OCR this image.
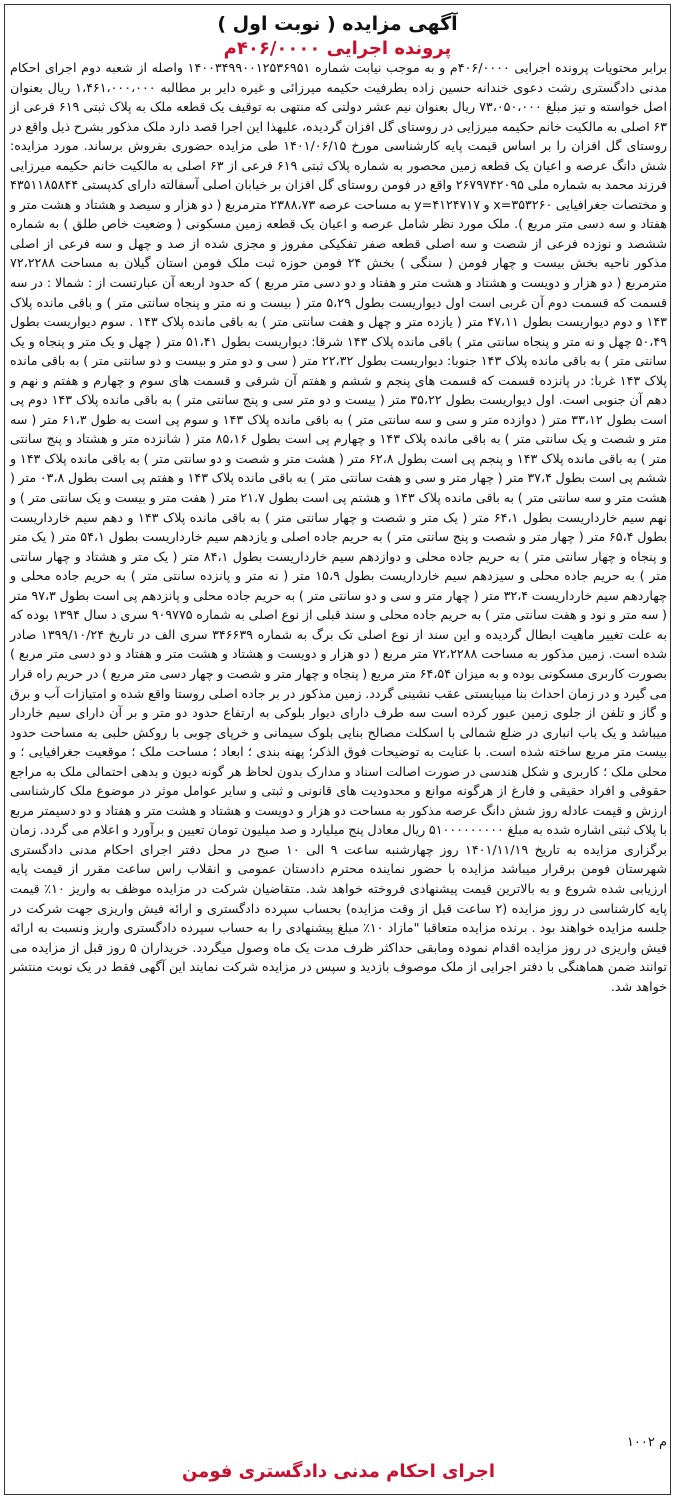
آگهی مزایده ( نوبت اول )
پرونده اجرایی ۴۰۶/۰۰۰۰م

برابر محتویات پرونده اجرایی ۴۰۶/۰۰۰۰م و به موجب نیابت شماره ۱۴۰۰۳۴۹۹۰۰۱۲۵۳۶۹۵۱ واصله از شعبه دوم اجرای احکام مدنی دادگستری رشت دعوی خندانه حسین زاده بطرفیت حکیمه میرزائی و غیره دایر بر مطالبه ۱،۴۶۱،۰۰۰،۰۰۰ ریال بعنوان اصل خواسته و نیز مبلغ ۷۳،۰۵۰،۰۰۰ ریال بعنوان نیم عشر دولتی که منتهی به توقیف یک قطعه ملک به پلاک ثبتی ۶۱۹ فرعی از ۶۳ اصلی به مالکیت خانم حکیمه میرزایی در روستای گل افزان گردیده، علیهذا این اجرا قصد دارد ملک مذکور بشرح ذیل واقع در روستای گل افزان را بر اساس قیمت پایه کارشناسی مورخ ۱۴۰۱/۰۶/۱۵ طی مزایده حضوری بفروش برساند. مورد مزایده: شش دانگ عرصه و اعیان یک قطعه زمین محصور به شماره پلاک ثبتی ۶۱۹ فرعی از ۶۳ اصلی به مالکیت خانم حکیمه میرزایی فرزند محمد به شماره ملی ۲۶۷۹۷۴۲۰۹۵ واقع در فومن روستای گل افزان بر خیابان اصلی آسفالته دارای کدپستی ۴۳۵۱۱۸۵۸۴۴ و مختصات جغرافیایی ۳۵۳۲۶۰=x و ۴۱۲۴۷۱۷=y به مساحت عرصه ۲۳۸۸،۷۳ مترمربع ( دو هزار و سیصد و هشتاد و هشت متر و هفتاد و سه دسی متر مربع ). ملک مورد نظر شامل عرصه و اعیان یک قطعه زمین مسکونی ( وضعیت خاص طلق ) به شماره ششصد و نوزده فرعی از شصت و سه اصلی قطعه صفر تفکیکی مفروز و مجزی شده از صد و چهل و سه فرعی از اصلی مذکور ناحیه بخش بیست و چهار فومن ( سنگی ) بخش ۲۴ فومن حوزه ثبت ملک فومن استان گیلان به مساحت ۷۲،۲۲۸۸ مترمربع ( دو هزار و دویست و هشتاد و هشت متر و هفتاد و دو دسی متر مربع ) که حدود اربعه آن عبارتست از : شمالا : در سه قسمت که قسمت دوم آن غربی است اول دیواریست بطول ۵،۲۹ متر ( بیست و نه متر و پنجاه سانتی متر ) و باقی مانده پلاک ۱۴۳ و دوم دیواریست بطول ۴۷،۱۱ متر ( یازده متر و چهل و هفت سانتی متر ) به باقی مانده پلاک ۱۴۳ . سوم دیواریست بطول ۵۰،۴۹ چهل و نه متر و پنجاه سانتی متر ) باقی مانده پلاک ۱۴۳ شرقا: دیواریست بطول ۵۱،۴۱ متر ( چهل و یک متر و پنجاه و یک سانتی متر ) به باقی مانده پلاک ۱۴۳ جنوبا: دیواریست بطول ۲۲،۳۲ متر ( سی و دو متر و بیست و دو سانتی متر ) به باقی مانده پلاک ۱۴۳ غربا: در پانزده قسمت که قسمت های پنجم و ششم و هفتم آن شرقی و قسمت های سوم و چهارم و هفتم و نهم و دهم آن جنوبی است. اول دیواریست بطول ۳۵،۲۲ متر ( بیست و دو متر سی و پنج سانتی متر ) به باقی مانده پلاک ۱۴۳ دوم پی است بطول ۳۳،۱۲ متر ( دوازده متر و سی و سه سانتی متر ) به باقی مانده پلاک ۱۴۳ و سوم پی است به طول ۶۱،۳ متر ( سه متر و شصت و یک سانتی متر ) به باقی مانده پلاک ۱۴۳ و چهارم پی است بطول ۸۵،۱۶ متر ( شانزده متر و هشتاد و پنج سانتی متر ) به باقی مانده پلاک ۱۴۳ و پنجم پی است بطول ۶۲،۸ متر ( هشت متر و شصت و دو سانتی متر ) به باقی مانده پلاک ۱۴۳ و ششم پی است بطول ۳۷،۴ متر ( چهار متر و سی و هفت سانتی متر ) به باقی مانده پلاک ۱۴۳ و هفتم پی است بطول ۰۳،۸ متر ( هشت متر و سه سانتی متر ) به باقی مانده پلاک ۱۴۳ و هشتم پی است بطول ۲۱،۷ متر ( هفت متر و بیست و یک سانتی متر ) و نهم سیم خارداریست بطول ۶۴،۱ متر ( یک متر و شصت و چهار سانتی متر ) به باقی مانده پلاک ۱۴۳ و دهم سیم خارداریست بطول ۶۵،۴ متر ( چهار متر و شصت و پنج سانتی متر ) به حریم جاده اصلی و یازدهم سیم خارداریست بطول ۵۴،۱ متر ( یک متر و پنجاه و چهار سانتی متر ) به حریم جاده محلی و دوازدهم سیم خارداریست بطول ۸۴،۱ متر ( یک متر و هشتاد و چهار سانتی متر ) به حریم جاده محلی و سیزدهم سیم خارداریست بطول ۱۵،۹ متر ( نه متر و پانزده سانتی متر ) به حریم جاده محلی و چهاردهم سیم خارداریست ۳۲،۴ متر ( چهار متر و سی و دو سانتی متر ) به حریم جاده محلی و پانزدهم پی است بطول ۹۷،۳ متر ( سه متر و نود و هفت سانتی متر ) به حریم جاده محلی و سند قبلی از نوع اصلی به شماره ۹۰۹۷۷۵ سری د سال ۱۳۹۴ بوده که به علت تغییر ماهیت ابطال گردیده و این سند از نوع اصلی تک برگ به شماره ۳۴۶۶۳۹ سری الف در تاریخ ۱۳۹۹/۱۰/۲۴ صادر شده است. زمین مذکور به مساحت ۷۲،۲۲۸۸ متر مربع ( دو هزار و دویست و هشتاد و هشت متر و هفتاد و دو دسی متر مربع ) بصورت کاربری مسکونی بوده و به میزان ۶۴،۵۴ متر مربع ( پنجاه و چهار متر و شصت و چهار دسی متر مربع ) در حریم راه قرار می گیرد و در زمان احداث بنا میبایستی عقب نشینی گردد. زمین مذکور در بر جاده اصلی روستا واقع شده و امتیازات آب و برق و گاز و تلفن از جلوی زمین عبور کرده است سه طرف دارای دیوار بلوکی به ارتفاع حدود دو متر و بر آن دارای سیم خاردار میباشد و یک باب انباری در ضلع شمالی با اسکلت مصالح بنایی بلوک سیمانی و خرپای چوبی با روکش حلبی به مساحت حدود بیست متر مربع ساخته شده است. با عنایت به توضیحات فوق الذکر؛ پهنه بندی ؛ ابعاد ؛ مساحت ملک ؛ موقعیت جغرافیایی ؛ و محلی ملک ؛ کاربری و شکل هندسی در صورت اصالت اسناد و مدارک بدون لحاظ هر گونه دیون و بدهی احتمالی ملک به مراجع حقوقی و افراد حقیقی و فارغ از هرگونه موانع و محدودیت های قانونی و ثبتی و سایر عوامل موثر در موضوع ملک کارشناسی ارزش و قیمت عادله روز شش دانگ عرصه مذکور به مساحت دو هزار و دویست و هشتاد و هشت متر و هفتاد و دو دسیمتر مربع با پلاک ثبتی اشاره شده به مبلغ ۵۱۰۰۰۰۰۰۰۰۰ ریال معادل پنج میلیارد و صد میلیون تومان تعیین و برآورد و اعلام می گردد. زمان برگزاری مزایده به تاریخ ۱۴۰۱/۱۱/۱۹ روز چهارشنبه ساعت ۹ الی ۱۰ صبح در محل دفتر اجرای احکام مدنی دادگستری شهرستان فومن برقرار میباشد مزایده با حضور نماینده محترم دادستان عمومی و انقلاب راس ساعت مقرر از قیمت پایه ارزیابی شده شروع و به بالاترین قیمت پیشنهادی فروخته خواهد شد. متقاضیان شرکت در مزایده موظف به واریز ۱۰٪ قیمت پایه کارشناسی در روز مزایده (۲ ساعت قبل از وقت مزایده) بحساب سپرده دادگستری و ارائه فیش واریزی جهت شرکت در جلسه مزایده خواهند بود . برنده مزایده متعاقبا "مازاد ۱۰٪ مبلغ پیشنهادی را به حساب سپرده دادگستری واریز ونسبت به ارائه فیش واریزی در روز مزایده اقدام نموده ومابقی حداکثر ظرف مدت یک ماه وصول میگردد. خریداران ۵ روز قبل از مزایده می توانند ضمن هماهنگی با دفتر اجرایی از ملک موصوف بازدید و سپس در مزایده شرکت نمایند این آگهی فقط در یک نوبت منتشر خواهد شد.

م ۱۰۰۲
اجرای احکام مدنی دادگستری فومن
